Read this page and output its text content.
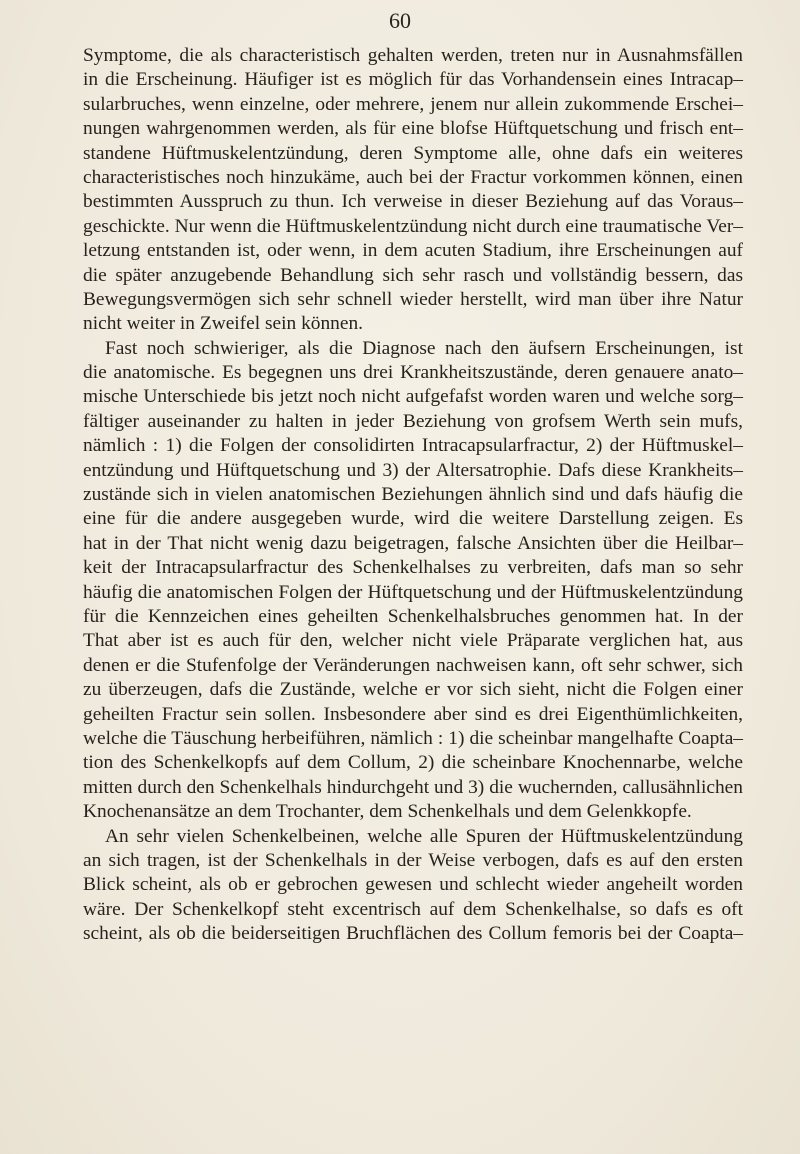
60
Symptome, die als characteristisch gehalten werden, treten nur in Ausnahmsfällen
in die Erscheinung. Häufiger ist es möglich für das Vorhandensein eines Intracap–
sularbruches, wenn einzelne, oder mehrere, jenem nur allein zukommende Erschei–
nungen wahrgenommen werden, als für eine blofse Hüftquetschung und frisch ent–
standene Hüftmuskelentzündung, deren Symptome alle, ohne dafs ein weiteres
characteristisches noch hinzukäme, auch bei der Fractur vorkommen können, einen
bestimmten Ausspruch zu thun. Ich verweise in dieser Beziehung auf das Voraus–
geschickte. Nur wenn die Hüftmuskelentzündung nicht durch eine traumatische Ver–
letzung entstanden ist, oder wenn, in dem acuten Stadium, ihre Erscheinungen auf
die später anzugebende Behandlung sich sehr rasch und vollständig bessern, das
Bewegungsvermögen sich sehr schnell wieder herstellt, wird man über ihre Natur
nicht weiter in Zweifel sein können.
Fast noch schwieriger, als die Diagnose nach den äufsern Erscheinungen, ist
die anatomische. Es begegnen uns drei Krankheitszustände, deren genauere anato–
mische Unterschiede bis jetzt noch nicht aufgefafst worden waren und welche sorg–
fältiger auseinander zu halten in jeder Beziehung von grofsem Werth sein mufs,
nämlich : 1) die Folgen der consolidirten Intracapsularfractur, 2) der Hüftmuskel–
entzündung und Hüftquetschung und 3) der Altersatrophie. Dafs diese Krankheits–
zustände sich in vielen anatomischen Beziehungen ähnlich sind und dafs häufig die
eine für die andere ausgegeben wurde, wird die weitere Darstellung zeigen. Es
hat in der That nicht wenig dazu beigetragen, falsche Ansichten über die Heilbar–
keit der Intracapsularfractur des Schenkelhalses zu verbreiten, dafs man so sehr
häufig die anatomischen Folgen der Hüftquetschung und der Hüftmuskelentzündung
für die Kennzeichen eines geheilten Schenkelhalsbruches genommen hat. In der
That aber ist es auch für den, welcher nicht viele Präparate verglichen hat, aus
denen er die Stufenfolge der Veränderungen nachweisen kann, oft sehr schwer, sich
zu überzeugen, dafs die Zustände, welche er vor sich sieht, nicht die Folgen einer
geheilten Fractur sein sollen. Insbesondere aber sind es drei Eigenthümlichkeiten,
welche die Täuschung herbeiführen, nämlich : 1) die scheinbar mangelhafte Coapta–
tion des Schenkelkopfs auf dem Collum, 2) die scheinbare Knochennarbe, welche
mitten durch den Schenkelhals hindurchgeht und 3) die wuchernden, callusähnlichen
Knochenansätze an dem Trochanter, dem Schenkelhals und dem Gelenkkopfe.
An sehr vielen Schenkelbeinen, welche alle Spuren der Hüftmuskelentzündung
an sich tragen, ist der Schenkelhals in der Weise verbogen, dafs es auf den ersten
Blick scheint, als ob er gebrochen gewesen und schlecht wieder angeheilt worden
wäre. Der Schenkelkopf steht excentrisch auf dem Schenkelhalse, so dafs es oft
scheint, als ob die beiderseitigen Bruchflächen des Collum femoris bei der Coapta–
